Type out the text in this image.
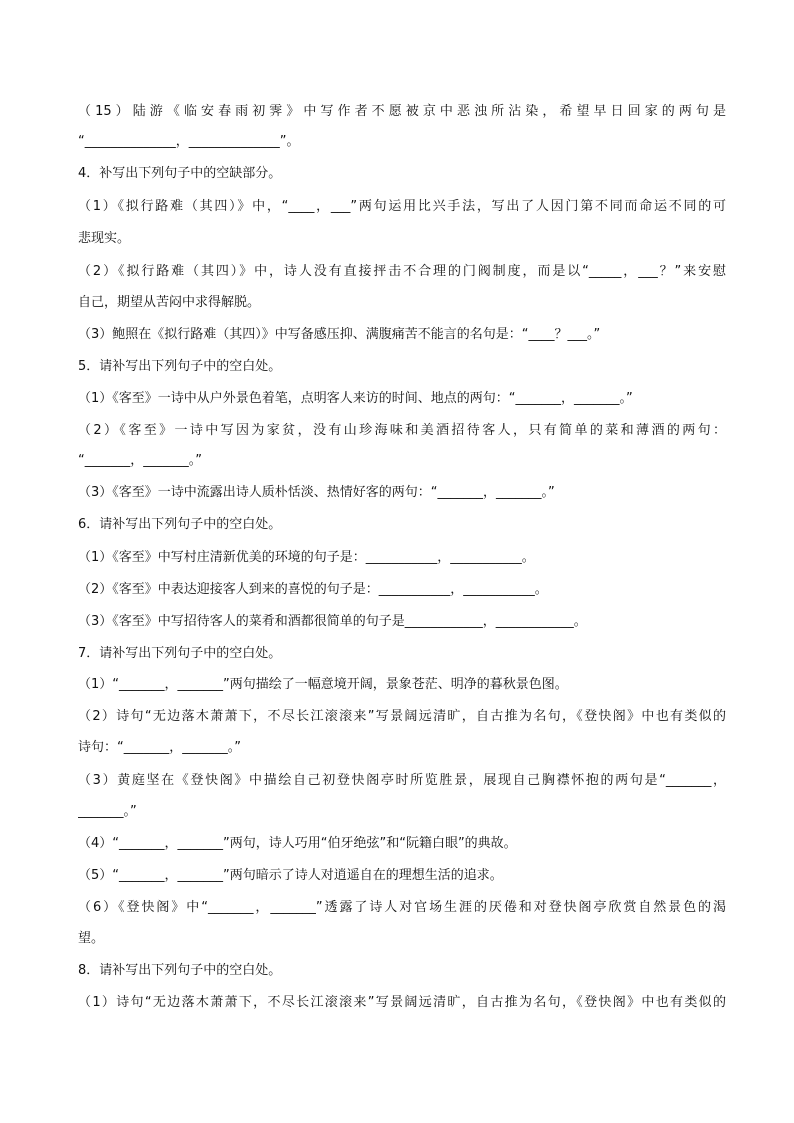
（15）陆游《临安春雨初霁》中写作者不愿被京中恶浊所沾染，希望早日回家的两句是
“______________，______________”。
4．补写出下列句子中的空缺部分。
（1）《拟行路难（其四）》中，“____，___”两句运用比兴手法，写出了人因门第不同而命运不同的可
悲现实。
（2）《拟行路难（其四）》中，诗人没有直接抨击不合理的门阀制度，而是以“_____，___？”来安慰
自己，期望从苦闷中求得解脱。
（3）鲍照在《拟行路难（其四）》中写备感压抑、满腹痛苦不能言的名句是：“____？___。”
5．请补写出下列句子中的空白处。
（1）《客至》一诗中从户外景色着笔，点明客人来访的时间、地点的两句：“_______，_______。”
（2）《客至》一诗中写因为家贫，没有山珍海味和美酒招待客人，只有简单的菜和薄酒的两句：
“_______，_______。”
（3）《客至》一诗中流露出诗人质朴恬淡、热情好客的两句：“_______，_______。”
6．请补写出下列句子中的空白处。
（1）《客至》中写村庄清新优美的环境的句子是：___________，___________。
（2）《客至》中表达迎接客人到来的喜悦的句子是：___________，___________。
（3）《客至》中写招待客人的菜肴和酒都很简单的句子是____________，____________。
7．请补写出下列句子中的空白处。
（1）“_______，_______”两句描绘了一幅意境开阔，景象苍茫、明净的暮秋景色图。
（2）诗句“无边落木萧萧下，不尽长江滚滚来”写景阔远清旷，自古推为名句，《登快阁》中也有类似的
诗句：“_______，_______。”
（3）黄庭坚在《登快阁》中描绘自己初登快阁亭时所览胜景，展现自己胸襟怀抱的两句是“_______，
_______。”
（4）“_______，_______”两句，诗人巧用“伯牙绝弦”和“阮籍白眼”的典故。
（5）“_______，_______”两句暗示了诗人对逍遥自在的理想生活的追求。
（6）《登快阁》中“_______，_______”透露了诗人对官场生涯的厌倦和对登快阁亭欣赏自然景色的渴
望。
8．请补写出下列句子中的空白处。
（1）诗句“无边落木萧萧下，不尽长江滚滚来”写景阔远清旷，自古推为名句，《登快阁》中也有类似的
